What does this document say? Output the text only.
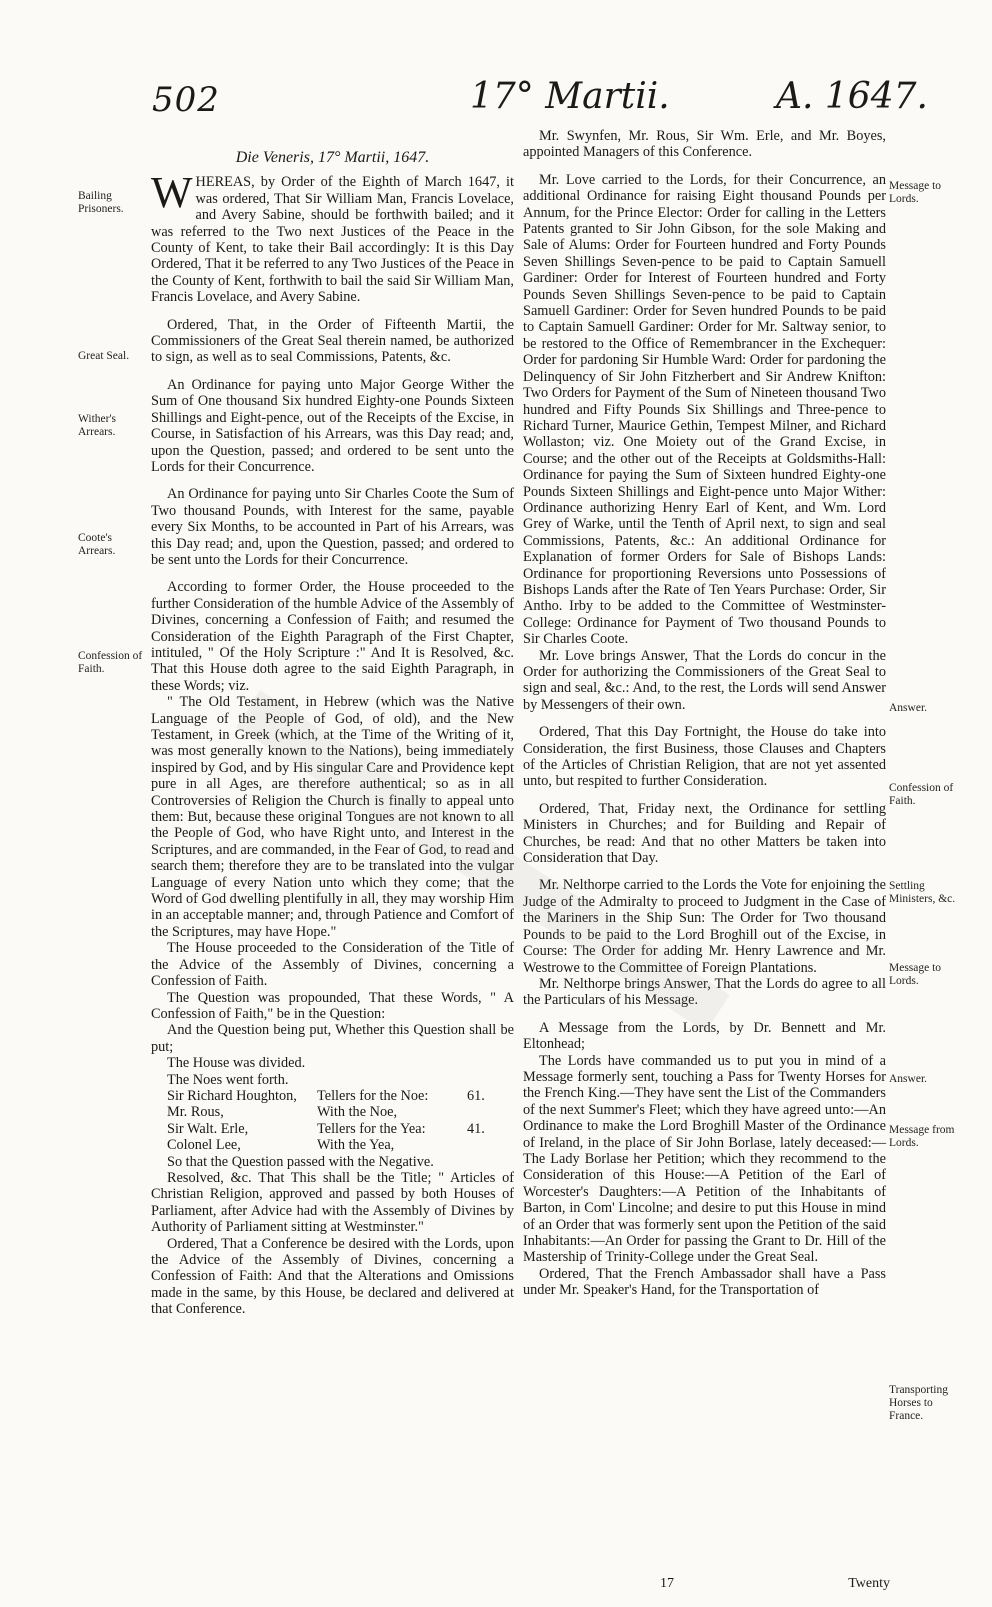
502	17° Martii.	A. 1647.
Bailing Prisoners.
Great Seal.
Wither's Arrears.
Coote's Arrears.
Confession of Faith.
Message to Lords.
Answer.
Confession of Faith.
Settling Ministers, &c.
Message to Lords.
Answer.
Message from Lords.
Transporting Horses to France.

Die Veneris, 17° Martii, 1647.

WHEREAS, by Order of the Eighth of March 1647, it was ordered, That Sir William Man, Francis Lovelace, and Avery Sabine, should be forthwith bailed; and it was referred to the Two next Justices of the Peace in the County of Kent, to take their Bail accordingly: It is this Day Ordered, That it be referred to any Two Justices of the Peace in the County of Kent, forthwith to bail the said Sir William Man, Francis Lovelace, and Avery Sabine.

Ordered, That, in the Order of Fifteenth Martii, the Commissioners of the Great Seal therein named, be authorized to sign, as well as to seal Commissions, Patents, &c.

An Ordinance for paying unto Major George Wither the Sum of One thousand Six hundred Eighty-one Pounds Sixteen Shillings and Eight-pence, out of the Receipts of the Excise, in Course, in Satisfaction of his Arrears, was this Day read; and, upon the Question, passed; and ordered to be sent unto the Lords for their Concurrence.

An Ordinance for paying unto Sir Charles Coote the Sum of Two thousand Pounds, with Interest for the same, payable every Six Months, to be accounted in Part of his Arrears, was this Day read; and, upon the Question, passed; and ordered to be sent unto the Lords for their Concurrence.

According to former Order, the House proceeded to the further Consideration of the humble Advice of the Assembly of Divines, concerning a Confession of Faith; and resumed the Consideration of the Eighth Paragraph of the First Chapter, intituled, " Of the Holy Scripture :" And It is Resolved, &c. That this House doth agree to the said Eighth Paragraph, in these Words; viz.

" The Old Testament, in Hebrew (which was the Native Language of the People of God, of old), and the New Testament, in Greek (which, at the Time of the Writing of it, was most generally known to the Nations), being immediately inspired by God, and by His singular Care and Providence kept pure in all Ages, are therefore authentical; so as in all Controversies of Religion the Church is finally to appeal unto them: But, because these original Tongues are not known to all the People of God, who have Right unto, and Interest in the Scriptures, and are commanded, in the Fear of God, to read and search them; therefore they are to be translated into the vulgar Language of every Nation unto which they come; that the Word of God dwelling plentifully in all, they may worship Him in an acceptable manner; and, through Patience and Comfort of the Scriptures, may have Hope."

The House proceeded to the Consideration of the Title of the Advice of the Assembly of Divines, concerning a Confession of Faith.

The Question was propounded, That these Words, " A Confession of Faith," be in the Question:

And the Question being put, Whether this Question shall be put;

The House was divided.

The Noes went forth.

Sir Richard Houghton,	Tellers for the Noe:	61.
Mr. Rous,	With the Noe,
Sir Walt. Erle,	Tellers for the Yea:	41.
Colonel Lee,	With the Yea,

So that the Question passed with the Negative.

Resolved, &c. That This shall be the Title; " Articles of Christian Religion, approved and passed by both Houses of Parliament, after Advice had with the Assembly of Divines by Authority of Parliament sitting at Westminster."

Ordered, That a Conference be desired with the Lords, upon the Advice of the Assembly of Divines, concerning a Confession of Faith: And that the Alterations and Omissions made in the same, by this House, be declared and delivered at that Conference.

Mr. Swynfen, Mr. Rous, Sir Wm. Erle, and Mr. Boyes, appointed Managers of this Conference.

Mr. Love carried to the Lords, for their Concurrence, an additional Ordinance for raising Eight thousand Pounds per Annum, for the Prince Elector: Order for calling in the Letters Patents granted to Sir John Gibson, for the sole Making and Sale of Alums: Order for Fourteen hundred and Forty Pounds Seven Shillings Seven-pence to be paid to Captain Samuell Gardiner: Order for Interest of Fourteen hundred and Forty Pounds Seven Shillings Seven-pence to be paid to Captain Samuell Gardiner: Order for Seven hundred Pounds to be paid to Captain Samuell Gardiner: Order for Mr. Saltway senior, to be restored to the Office of Remembrancer in the Exchequer: Order for pardoning Sir Humble Ward: Order for pardoning the Delinquency of Sir John Fitzherbert and Sir Andrew Knifton: Two Orders for Payment of the Sum of Nineteen thousand Two hundred and Fifty Pounds Six Shillings and Three-pence to Richard Turner, Maurice Gethin, Tempest Milner, and Richard Wollaston; viz. One Moiety out of the Grand Excise, in Course; and the other out of the Receipts at Goldsmiths-Hall: Ordinance for paying the Sum of Sixteen hundred Eighty-one Pounds Sixteen Shillings and Eight-pence unto Major Wither: Ordinance authorizing Henry Earl of Kent, and Wm. Lord Grey of Warke, until the Tenth of April next, to sign and seal Commissions, Patents, &c.: An additional Ordinance for Explanation of former Orders for Sale of Bishops Lands: Ordinance for proportioning Reversions unto Possessions of Bishops Lands after the Rate of Ten Years Purchase: Order, Sir Antho. Irby to be added to the Committee of Westminster-College: Ordinance for Payment of Two thousand Pounds to Sir Charles Coote.

Mr. Love brings Answer, That the Lords do concur in the Order for authorizing the Commissioners of the Great Seal to sign and seal, &c.: And, to the rest, the Lords will send Answer by Messengers of their own.

Ordered, That this Day Fortnight, the House do take into Consideration, the first Business, those Clauses and Chapters of the Articles of Christian Religion, that are not yet assented unto, but respited to further Consideration.

Ordered, That, Friday next, the Ordinance for settling Ministers in Churches; and for Building and Repair of Churches, be read: And that no other Matters be taken into Consideration that Day.

Mr. Nelthorpe carried to the Lords the Vote for enjoining the Judge of the Admiralty to proceed to Judgment in the Case of the Mariners in the Ship Sun: The Order for Two thousand Pounds to be paid to the Lord Broghill out of the Excise, in Course: The Order for adding Mr. Henry Lawrence and Mr. Westrowe to the Committee of Foreign Plantations.

Mr. Nelthorpe brings Answer, That the Lords do agree to all the Particulars of his Message.

A Message from the Lords, by Dr. Bennett and Mr. Eltonhead;

The Lords have commanded us to put you in mind of a Message formerly sent, touching a Pass for Twenty Horses for the French King.—They have sent the List of the Commanders of the next Summer's Fleet; which they have agreed unto:—An Ordinance to make the Lord Broghill Master of the Ordinance of Ireland, in the place of Sir John Borlase, lately deceased:—The Lady Borlase her Petition; which they recommend to the Consideration of this House:—A Petition of the Earl of Worcester's Daughters:—A Petition of the Inhabitants of Barton, in Com' Lincolne; and desire to put this House in mind of an Order that was formerly sent upon the Petition of the said Inhabitants:—An Order for passing the Grant to Dr. Hill of the Mastership of Trinity-College under the Great Seal.

Ordered, That the French Ambassador shall have a Pass under Mr. Speaker's Hand, for the Transportation of

17	Twenty
